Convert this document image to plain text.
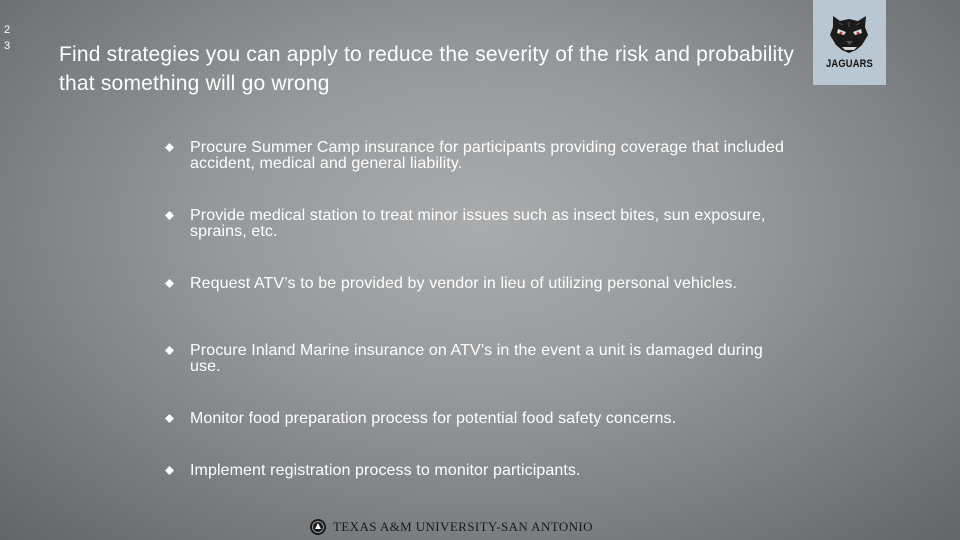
2
3 Find strategies you can apply to reduce the severity of the risk and probability that something will go wrong
JAGUARS
Procure Summer Camp insurance for participants providing coverage that included accident, medical and general liability.
Provide medical station to treat minor issues such as insect bites, sun exposure, sprains, etc.
Request ATV’s to be provided by vendor in lieu of utilizing personal vehicles.
Procure Inland Marine insurance on ATV’s in the event a unit is damaged during use.
Monitor food preparation process for potential food safety concerns.
Implement registration process to monitor participants.
TEXAS A&M UNIVERSITY-SAN ANTONIO
